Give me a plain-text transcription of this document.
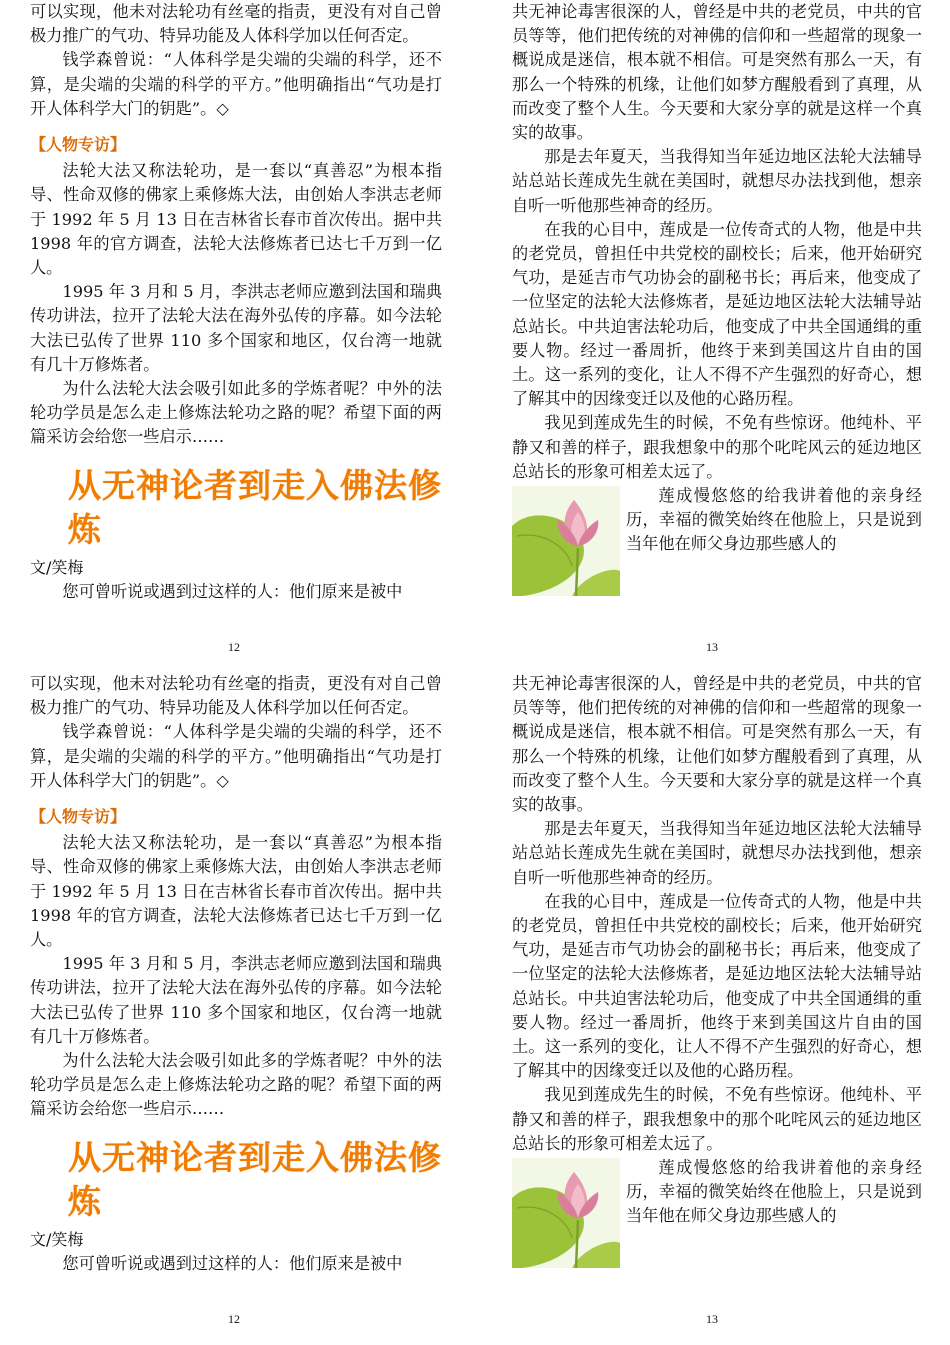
可以实现，他未对法轮功有丝毫的指责，更没有对自己曾极力推广的气功、特异功能及人体科学加以任何否定。

钱学森曾说：“人体科学是尖端的尖端的科学，还不算，是尖端的尖端的科学的平方。”他明确指出“气功是打开人体科学大门的钥匙”。◇

【人物专访】

法轮大法又称法轮功，是一套以“真善忍”为根本指导、性命双修的佛家上乘修炼大法，由创始人李洪志老师于 1992 年 5 月 13 日在吉林省长春市首次传出。据中共 1998 年的官方调查，法轮大法修炼者已达七千万到一亿人。

1995 年 3 月和 5 月，李洪志老师应邀到法国和瑞典传功讲法，拉开了法轮大法在海外弘传的序幕。如今法轮大法已弘传了世界 110 多个国家和地区，仅台湾一地就有几十万修炼者。

为什么法轮大法会吸引如此多的学炼者呢？中外的法轮功学员是怎么走上修炼法轮功之路的呢？希望下面的两篇采访会给您一些启示……

从无神论者到走入佛法修炼

文/笑梅

您可曾听说或遇到过这样的人：他们原来是被中

12

共无神论毒害很深的人，曾经是中共的老党员，中共的官员等等，他们把传统的对神佛的信仰和一些超常的现象一概说成是迷信，根本就不相信。可是突然有那么一天，有那么一个特殊的机缘，让他们如梦方醒般看到了真理，从而改变了整个人生。今天要和大家分享的就是这样一个真实的故事。

那是去年夏天，当我得知当年延边地区法轮大法辅导站总站长莲成先生就在美国时，就想尽办法找到他，想亲自听一听他那些神奇的经历。

在我的心目中，莲成是一位传奇式的人物，他是中共的老党员，曾担任中共党校的副校长；后来，他开始研究气功，是延吉市气功协会的副秘书长；再后来，他变成了一位坚定的法轮大法修炼者，是延边地区法轮大法辅导站总站长。中共迫害法轮功后，他变成了中共全国通缉的重要人物。经过一番周折，他终于来到美国这片自由的国土。这一系列的变化，让人不得不产生强烈的好奇心，想了解其中的因缘变迁以及他的心路历程。

我见到莲成先生的时候，不免有些惊讶。他纯朴、平静又和善的样子，跟我想象中的那个叱咤风云的延边地区总站长的形象可相差太远了。

莲成慢悠悠的给我讲着他的亲身经历，幸福的微笑始终在他脸上，只是说到当年他在师父身边那些感人的

13

可以实现，他未对法轮功有丝毫的指责，更没有对自己曾极力推广的气功、特异功能及人体科学加以任何否定。

钱学森曾说：“人体科学是尖端的尖端的科学，还不算，是尖端的尖端的科学的平方。”他明确指出“气功是打开人体科学大门的钥匙”。◇

【人物专访】

法轮大法又称法轮功，是一套以“真善忍”为根本指导、性命双修的佛家上乘修炼大法，由创始人李洪志老师于 1992 年 5 月 13 日在吉林省长春市首次传出。据中共 1998 年的官方调查，法轮大法修炼者已达七千万到一亿人。

1995 年 3 月和 5 月，李洪志老师应邀到法国和瑞典传功讲法，拉开了法轮大法在海外弘传的序幕。如今法轮大法已弘传了世界 110 多个国家和地区，仅台湾一地就有几十万修炼者。

为什么法轮大法会吸引如此多的学炼者呢？中外的法轮功学员是怎么走上修炼法轮功之路的呢？希望下面的两篇采访会给您一些启示……

从无神论者到走入佛法修炼

文/笑梅

您可曾听说或遇到过这样的人：他们原来是被中

12

共无神论毒害很深的人，曾经是中共的老党员，中共的官员等等，他们把传统的对神佛的信仰和一些超常的现象一概说成是迷信，根本就不相信。可是突然有那么一天，有那么一个特殊的机缘，让他们如梦方醒般看到了真理，从而改变了整个人生。今天要和大家分享的就是这样一个真实的故事。

那是去年夏天，当我得知当年延边地区法轮大法辅导站总站长莲成先生就在美国时，就想尽办法找到他，想亲自听一听他那些神奇的经历。

在我的心目中，莲成是一位传奇式的人物，他是中共的老党员，曾担任中共党校的副校长；后来，他开始研究气功，是延吉市气功协会的副秘书长；再后来，他变成了一位坚定的法轮大法修炼者，是延边地区法轮大法辅导站总站长。中共迫害法轮功后，他变成了中共全国通缉的重要人物。经过一番周折，他终于来到美国这片自由的国土。这一系列的变化，让人不得不产生强烈的好奇心，想了解其中的因缘变迁以及他的心路历程。

我见到莲成先生的时候，不免有些惊讶。他纯朴、平静又和善的样子，跟我想象中的那个叱咤风云的延边地区总站长的形象可相差太远了。

莲成慢悠悠的给我讲着他的亲身经历，幸福的微笑始终在他脸上，只是说到当年他在师父身边那些感人的

13
